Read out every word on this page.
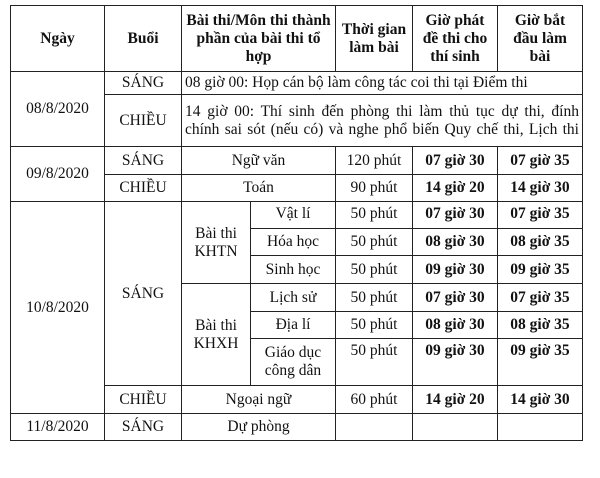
Ngày	Buổi	Bài thi/Môn thi thành phần của bài thi tổ hợp		Thời gian làm bài	Giờ phát đề thi cho thí sinh	Giờ bắt đầu làm bài
08/8/2020	SÁNG	08 giờ 00: Họp cán bộ làm công tác coi thi tại Điểm thi				
	CHIỀU	14 giờ 00: Thí sinh đến phòng thi làm thủ tục dự thi, đính chính sai sót (nếu có) và nghe phổ biến Quy chế thi, Lịch thi				
09/8/2020	SÁNG	Ngữ văn		120 phút	07 giờ 30	07 giờ 35
	CHIỀU	Toán		90 phút	14 giờ 20	14 giờ 30
10/8/2020	SÁNG	Bài thi KHTN	Vật lí	50 phút	07 giờ 30	07 giờ 35
			Hóa học	50 phút	08 giờ 30	08 giờ 35
			Sinh học	50 phút	09 giờ 30	09 giờ 35
		Bài thi KHXH	Lịch sử	50 phút	07 giờ 30	07 giờ 35
			Địa lí	50 phút	08 giờ 30	08 giờ 35
			Giáo dục công dân	50 phút	09 giờ 30	09 giờ 35
	CHIỀU	Ngoại ngữ		60 phút	14 giờ 20	14 giờ 30
11/8/2020	SÁNG	Dự phòng				
